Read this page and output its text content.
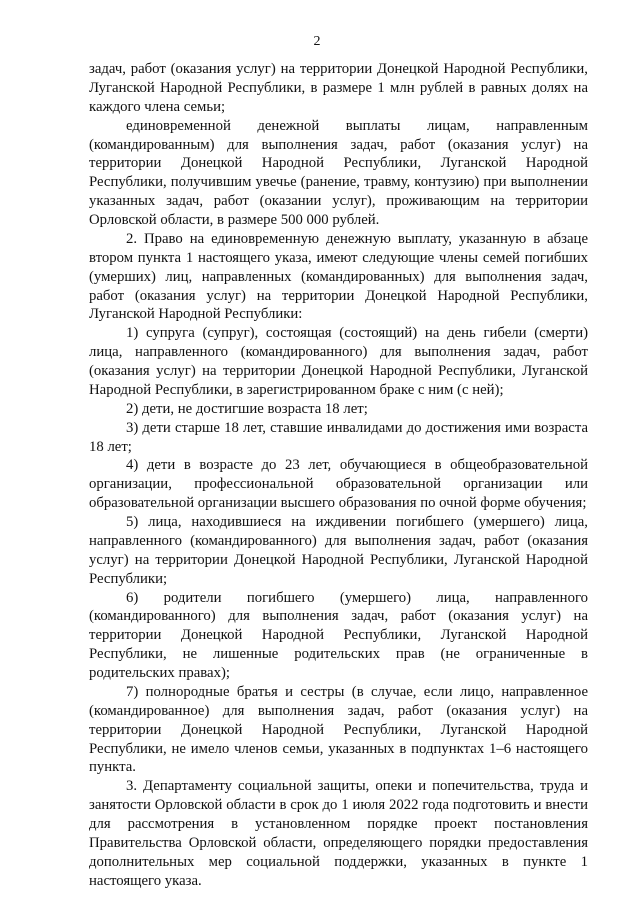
2

задач, работ (оказания услуг) на территории Донецкой Народной Республики, Луганской Народной Республики, в размере 1 млн рублей в равных долях на каждого члена семьи;

единовременной денежной выплаты лицам, направленным (командированным) для выполнения задач, работ (оказания услуг) на территории Донецкой Народной Республики, Луганской Народной Республики, получившим увечье (ранение, травму, контузию) при выполнении указанных задач, работ (оказании услуг), проживающим на территории Орловской области, в размере 500 000 рублей.

2. Право на единовременную денежную выплату, указанную в абзаце втором пункта 1 настоящего указа, имеют следующие члены семей погибших (умерших) лиц, направленных (командированных) для выполнения задач, работ (оказания услуг) на территории Донецкой Народной Республики, Луганской Народной Республики:

1) супруга (супруг), состоящая (состоящий) на день гибели (смерти) лица, направленного (командированного) для выполнения задач, работ (оказания услуг) на территории Донецкой Народной Республики, Луганской Народной Республики, в зарегистрированном браке с ним (с ней);

2) дети, не достигшие возраста 18 лет;

3) дети старше 18 лет, ставшие инвалидами до достижения ими возраста 18 лет;

4) дети в возрасте до 23 лет, обучающиеся в общеобразовательной организации, профессиональной образовательной организации или образовательной организации высшего образования по очной форме обучения;

5) лица, находившиеся на иждивении погибшего (умершего) лица, направленного (командированного) для выполнения задач, работ (оказания услуг) на территории Донецкой Народной Республики, Луганской Народной Республики;

6) родители погибшего (умершего) лица, направленного (командированного) для выполнения задач, работ (оказания услуг) на территории Донецкой Народной Республики, Луганской Народной Республики, не лишенные родительских прав (не ограниченные в родительских правах);

7) полнородные братья и сестры (в случае, если лицо, направленное (командированное) для выполнения задач, работ (оказания услуг) на территории Донецкой Народной Республики, Луганской Народной Республики, не имело членов семьи, указанных в подпунктах 1–6 настоящего пункта.

3. Департаменту социальной защиты, опеки и попечительства, труда и занятости Орловской области в срок до 1 июля 2022 года подготовить и внести для рассмотрения в установленном порядке проект постановления Правительства Орловской области, определяющего порядки предоставления дополнительных мер социальной поддержки, указанных в пункте 1 настоящего указа.
